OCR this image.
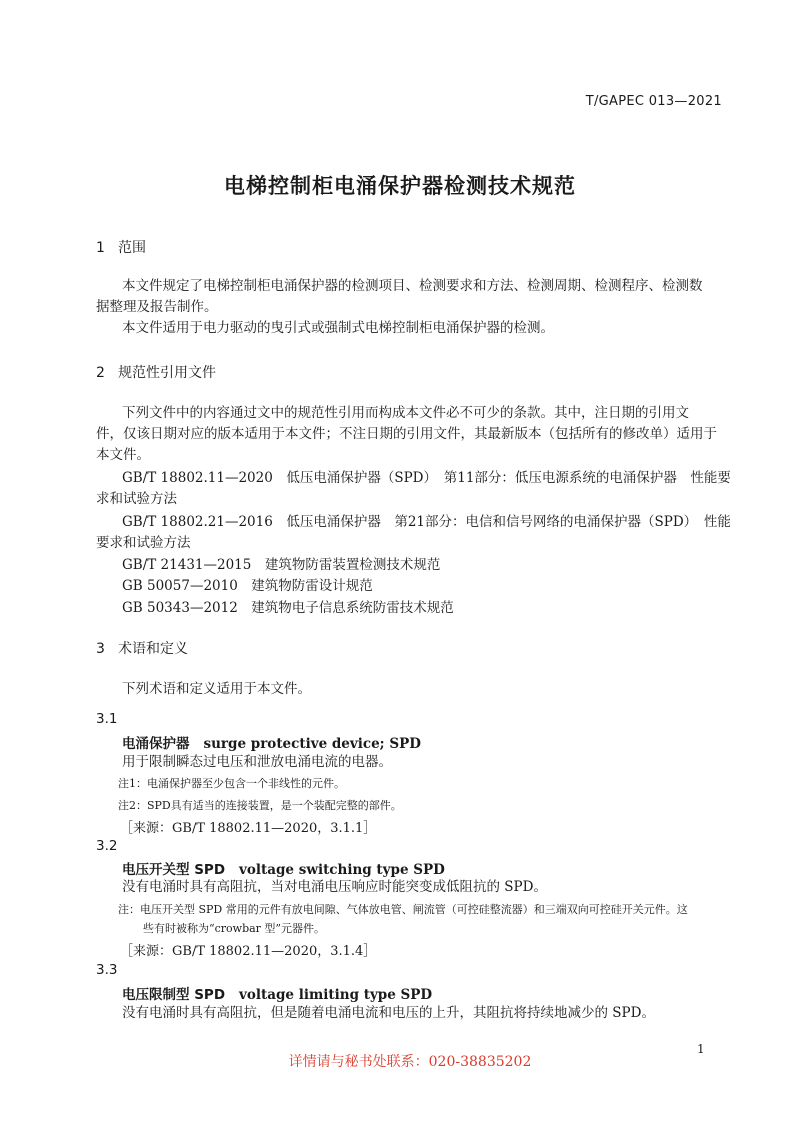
T/GAPEC 013—2021
电梯控制柜电涌保护器检测技术规范
1 范围
本文件规定了电梯控制柜电涌保护器的检测项目、检测要求和方法、检测周期、检测程序、检测数
据整理及报告制作。
本文件适用于电力驱动的曳引式或强制式电梯控制柜电涌保护器的检测。
2 规范性引用文件
下列文件中的内容通过文中的规范性引用而构成本文件必不可少的条款。其中，注日期的引用文
件，仅该日期对应的版本适用于本文件；不注日期的引用文件，其最新版本（包括所有的修改单）适用于
本文件。
GB/T 18802.11—2020　低压电涌保护器（SPD）　第11部分：低压电源系统的电涌保护器　性能要
求和试验方法
GB/T 18802.21—2016　低压电涌保护器　第21部分：电信和信号网络的电涌保护器（SPD）　性能
要求和试验方法
GB/T 21431—2015　建筑物防雷装置检测技术规范
GB 50057—2010　建筑物防雷设计规范
GB 50343—2012　建筑物电子信息系统防雷技术规范
3 术语和定义
下列术语和定义适用于本文件。
3.1
电涌保护器 surge protective device; SPD
用于限制瞬态过电压和泄放电涌电流的电器。
注1：电涌保护器至少包含一个非线性的元件。
注2：SPD具有适当的连接装置，是一个装配完整的部件。
［来源：GB/T 18802.11—2020，3.1.1］
3.2
电压开关型 SPD voltage switching type SPD
没有电涌时具有高阻抗，当对电涌电压响应时能突变成低阻抗的 SPD。
注：电压开关型 SPD 常用的元件有放电间隙、气体放电管、闸流管（可控硅整流器）和三端双向可控硅开关元件。这
些有时被称为“crowbar 型”元器件。
［来源：GB/T 18802.11—2020，3.1.4］
3.3
电压限制型 SPD voltage limiting type SPD
没有电涌时具有高阻抗，但是随着电涌电流和电压的上升，其阻抗将持续地减少的 SPD。
1
详情请与秘书处联系：020-38835202
